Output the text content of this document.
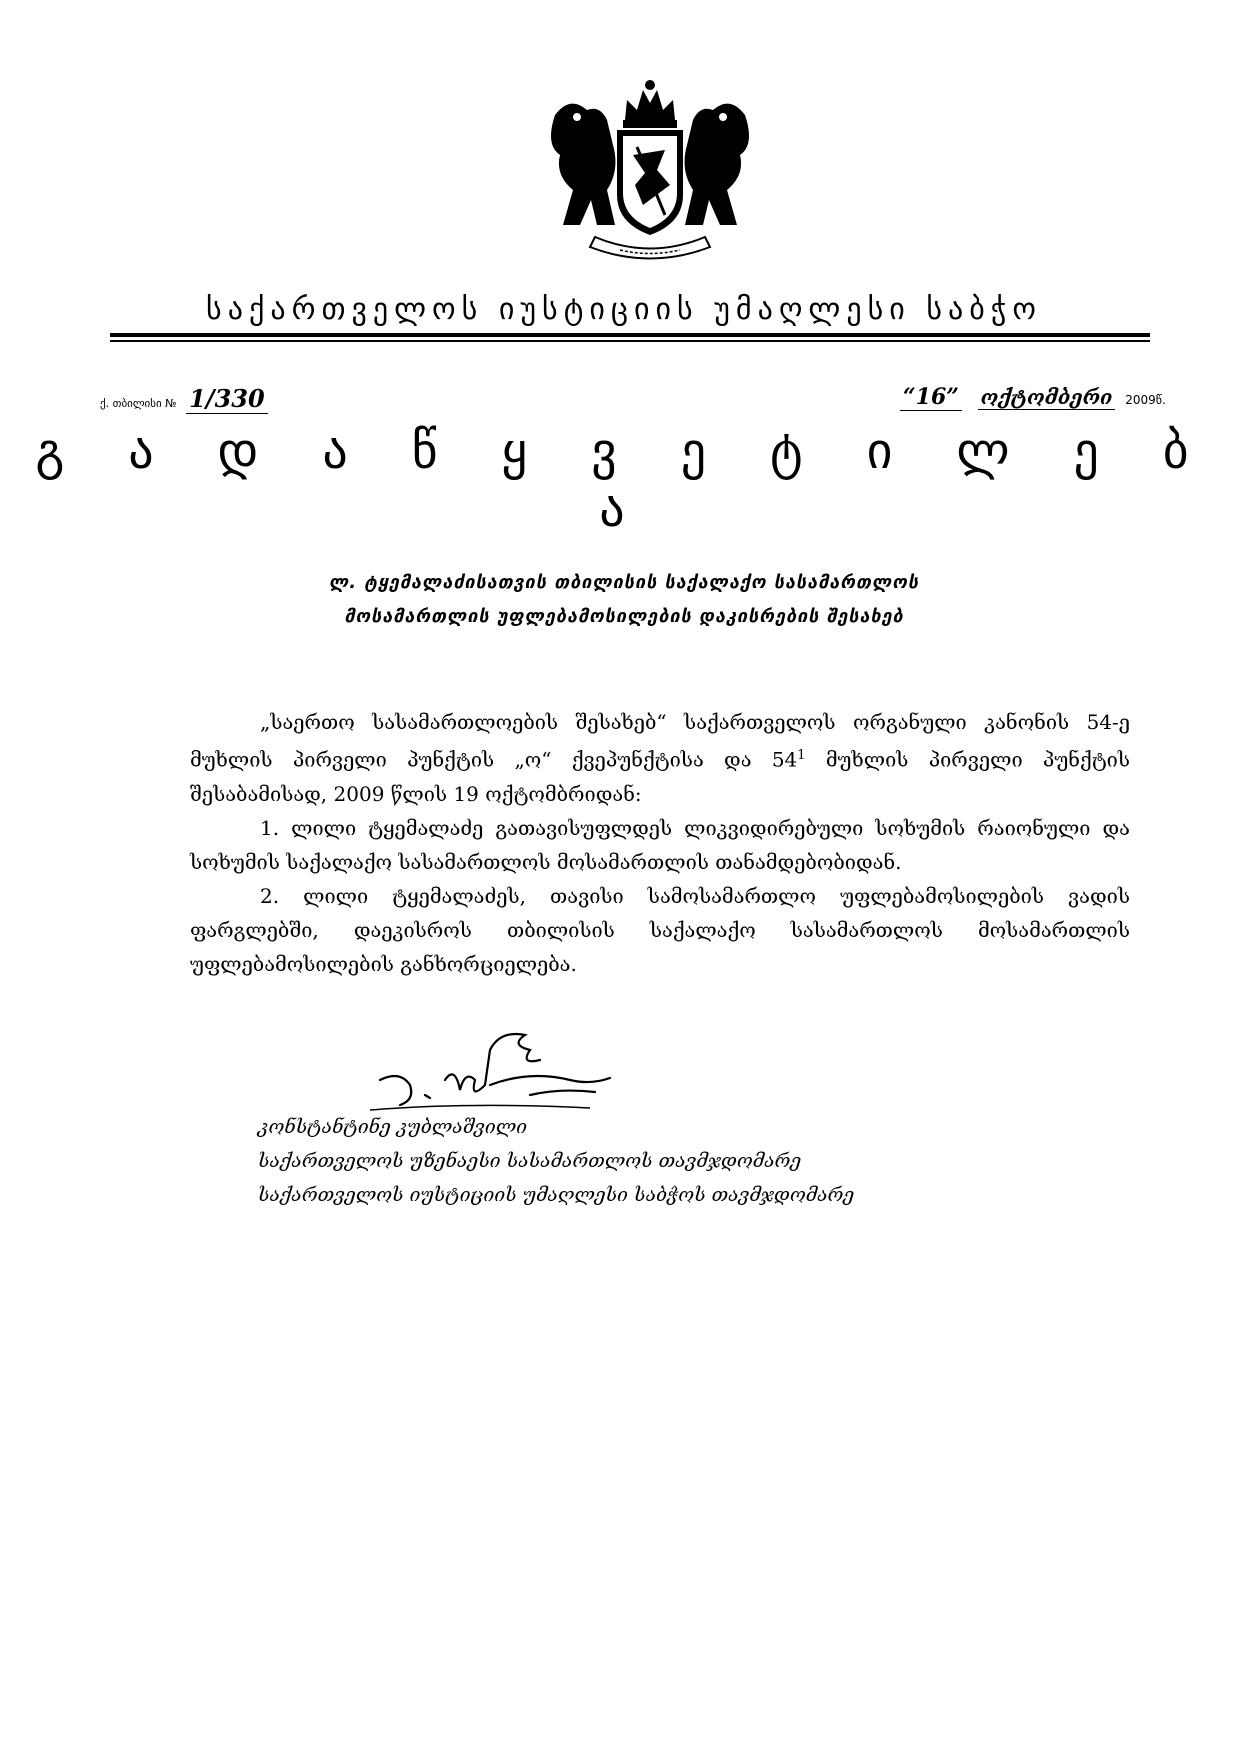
საქართველოს იუსტიციის უმაღლესი საბჭო
ქ. თბილისი № 1/330	“16” ოქტომბერი 2009წ.
გ ა დ ა წ ყ ვ ე ტ ი ლ ე ბ ა
ლ. ტყემალაძისათვის თბილისის საქალაქო სასამართლოს
მოსამართლის უფლებამოსილების დაკისრების შესახებ

„საერთო სასამართლოების შესახებ“ საქართველოს ორგანული კანონის 54-ე მუხლის პირველი პუნქტის „ო“ ქვეპუნქტისა და $54^1$ მუხლის პირველი პუნქტის შესაბამისად, 2009 წლის 19 ოქტომბრიდან:

1. ლილი ტყემალაძე გათავისუფლდეს ლიკვიდირებული სოხუმის რაიონული და სოხუმის საქალაქო სასამართლოს მოსამართლის თანამდებობიდან.

2. ლილი ტყემალაძეს, თავისი სამოსამართლო უფლებამოსილების ვადის ფარგლებში, დაეკისროს თბილისის საქალაქო სასამართლოს მოსამართლის უფლებამოსილების განხორციელება.

კონსტანტინე კუბლაშვილი
საქართველოს უზენაესი სასამართლოს თავმჯდომარე
საქართველოს იუსტიციის უმაღლესი საბჭოს თავმჯდომარე
